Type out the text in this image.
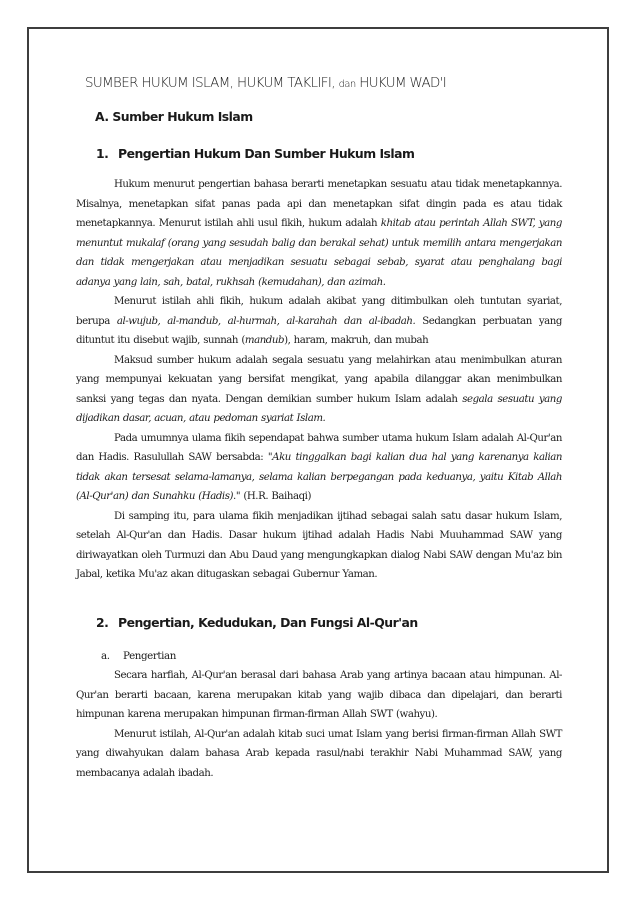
SUMBER HUKUM ISLAM, HUKUM TAKLIFI, dan HUKUM WAD'I
A. Sumber Hukum Islam
1. Pengertian Hukum Dan Sumber Hukum Islam

Hukum menurut pengertian bahasa berarti menetapkan sesuatu atau tidak menetapkannya. Misalnya, menetapkan sifat panas pada api dan menetapkan sifat dingin pada es atau tidak menetapkannya. Menurut istilah ahli usul fikih, hukum adalah khitab atau perintah Allah SWT, yang menuntut mukalaf (orang yang sesudah balig dan berakal sehat) untuk memilih antara mengerjakan dan tidak mengerjakan atau menjadikan sesuatu sebagai sebab, syarat atau penghalang bagi adanya yang lain, sah, batal, rukhsah (kemudahan), dan azimah.

Menurut istilah ahli fikih, hukum adalah akibat yang ditimbulkan oleh tuntutan syariat, berupa al-wujub, al-mandub, al-hurmah, al-karahah dan al-ibadah. Sedangkan perbuatan yang dituntut itu disebut wajib, sunnah (mandub), haram, makruh, dan mubah

Maksud sumber hukum adalah segala sesuatu yang melahirkan atau menimbulkan aturan yang mempunyai kekuatan yang bersifat mengikat, yang apabila dilanggar akan menimbulkan sanksi yang tegas dan nyata. Dengan demikian sumber hukum Islam adalah segala sesuatu yang dijadikan dasar, acuan, atau pedoman syariat Islam.

Pada umumnya ulama fikih sependapat bahwa sumber utama hukum Islam adalah Al-Qur'an dan Hadis. Rasulullah SAW bersabda: "Aku tinggalkan bagi kalian dua hal yang karenanya kalian tidak akan tersesat selama-lamanya, selama kalian berpegangan pada keduanya, yaitu Kitab Allah (Al-Qur'an) dan Sunahku (Hadis)." (H.R. Baihaqi)

Di samping itu, para ulama fikih menjadikan ijtihad sebagai salah satu dasar hukum Islam, setelah Al-Qur'an dan Hadis. Dasar hukum ijtihad adalah Hadis Nabi Muuhammad SAW yang diriwayatkan oleh Turmuzi dan Abu Daud yang mengungkapkan dialog Nabi SAW dengan Mu'az bin Jabal, ketika Mu'az akan ditugaskan sebagai Gubernur Yaman.

2. Pengertian, Kedudukan, Dan Fungsi Al-Qur'an
a. Pengertian

Secara harfiah, Al-Qur'an berasal dari bahasa Arab yang artinya bacaan atau himpunan. Al-Qur'an berarti bacaan, karena merupakan kitab yang wajib dibaca dan dipelajari, dan berarti himpunan karena merupakan himpunan firman-firman Allah SWT (wahyu).

Menurut istilah, Al-Qur'an adalah kitab suci umat Islam yang berisi firman-firman Allah SWT yang diwahyukan dalam bahasa Arab kepada rasul/nabi terakhir Nabi Muhammad SAW, yang membacanya adalah ibadah.
